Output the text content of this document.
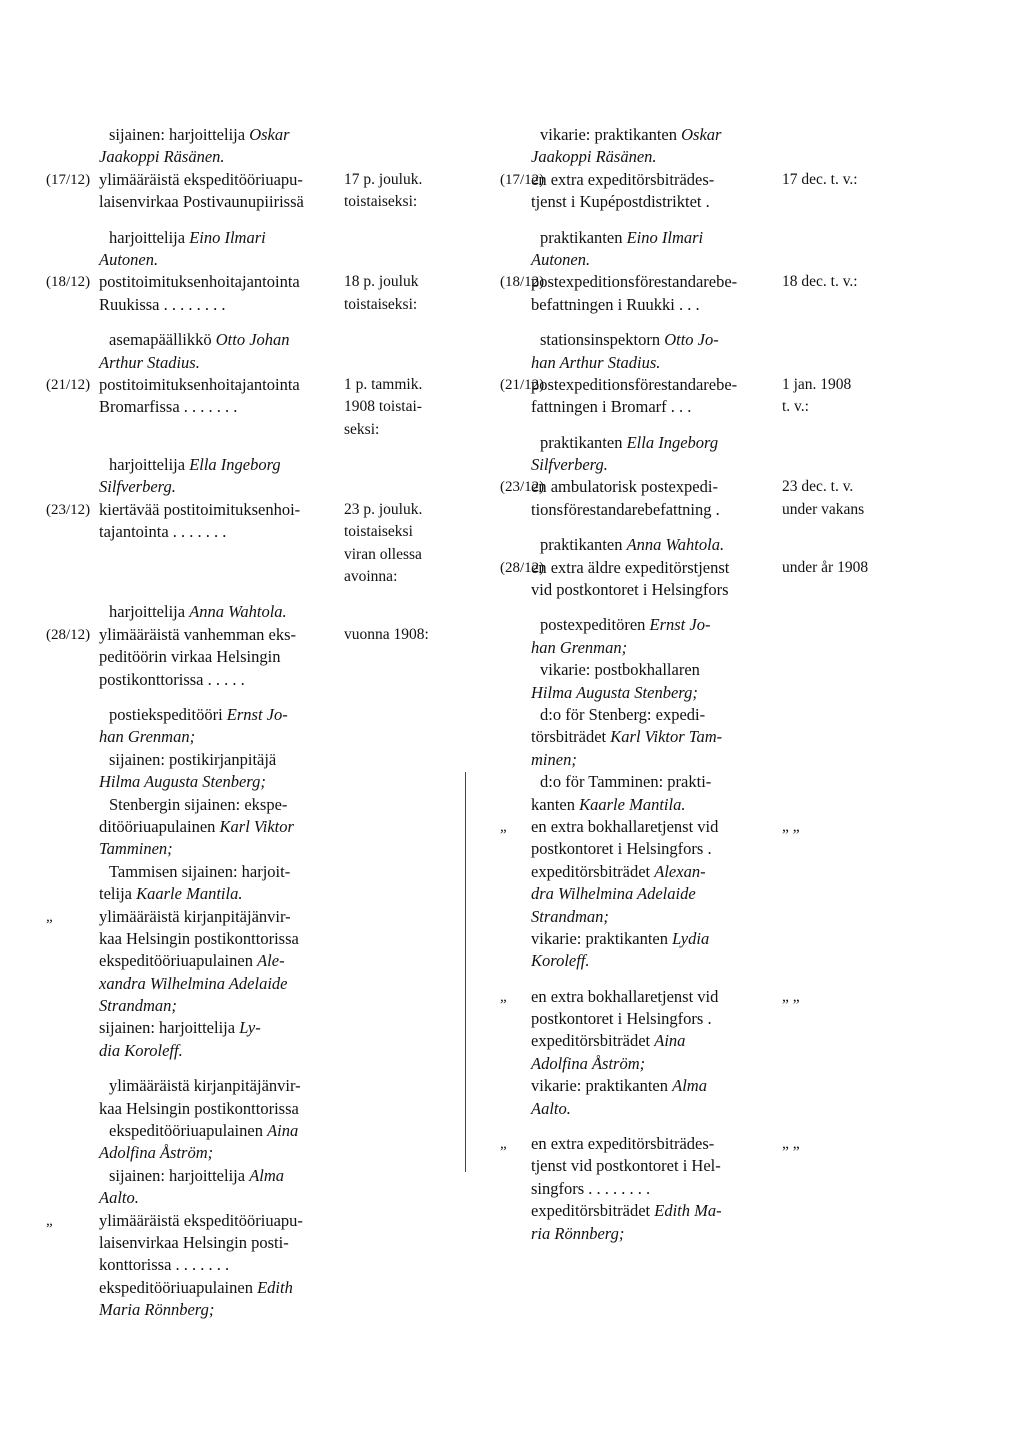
sijainen: harjoittelija Oskar
Jaakoppi Räsänen.
(17/12) ylimääräistä ekspeditööriuapu-	17 p. jouluk.
laisenvirkaa Postivaunupiirissä	toistaiseksi:
harjoittelija Eino Ilmari
Autonen.
(18/12) postitoimituksenhoitajantointa	18 p. jouluk
Ruukissa . . . . . . . .	toistaiseksi:
asemapäällikkö Otto Johan
Arthur Stadius.
(21/12) postitoimituksenhoitajantointa	1 p. tammik.
Bromarfissa . . . . . . .	1908 toistai-
seksi:
harjoittelija Ella Ingeborg
Silfverberg.
(23/12) kiertävää postitoimituksenhoi-	23 p. jouluk.
tajantointa . . . . . . .	toistaiseksi
viran ollessa
avoinna:
harjoittelija Anna Wahtola.
(28/12) ylimääräistä vanhemman eks-	vuonna 1908:
peditöörin virkaa Helsingin
postikonttorissa . . . . .
postiekspeditööri Ernst Jo-
han Grenman;
sijainen: postikirjanpitäjä
Hilma Augusta Stenberg;
Stenbergin sijainen: ekspe-
ditööriuapulainen Karl Viktor
Tamminen;
Tammisen sijainen: harjoit-
telija Kaarle Mantila.
„	ylimääräistä kirjanpitäjänvir-
kaa Helsingin postikonttorissa
ekspeditööriuapulainen Ale-
xandra Wilhelmina Adelaide
Strandman;
sijainen: harjoittelija Ly-
dia Koroleff.
ylimääräistä kirjanpitäjänvir-
kaa Helsingin postikonttorissa
ekspeditööriuapulainen Aina
Adolfina Åström;
sijainen: harjoittelija Alma
Aalto.
„	ylimääräistä ekspeditööriuapu-
laisenvirkaa Helsingin posti-
konttorissa . . . . . . .
ekspeditööriuapulainen Edith
Maria Rönnberg;
vikarie: praktikanten Oskar
Jaakoppi Räsänen.
(17/12)
en extra expeditörsbiträdes-	17 dec. t. v.:
tjenst i Kupépostdistriktet .
praktikanten Eino Ilmari
Autonen.
(18/12)
postexpeditionsförestandarebe-	18 dec. t. v.:
befattningen i Ruukki . . .
stationsinspektorn Otto Jo-
han Arthur Stadius.
(21/12)
postexpeditionsförestandarebe-	1 jan. 1908
fattningen i Bromarf . . .	t. v.:
praktikanten Ella Ingeborg
Silfverberg.
(23/12)
en ambulatorisk postexpedi-	23 dec. t. v.
tionsförestandarebefattning .	under vakans
praktikanten Anna Wahtola.
(28/12)
en extra äldre expeditörstjenst	under år 1908
vid postkontoret i Helsingfors
postexpeditören Ernst Jo-
han Grenman;
vikarie: postbokhallaren
Hilma Augusta Stenberg;
d:o för Stenberg: expedi-
törsbiträdet Karl Viktor Tam-
minen;
d:o för Tamminen: prakti-
kanten Kaarle Mantila.
„ en extra bokhallaretjenst vid	„ „
postkontoret i Helsingfors .
expeditörsbiträdet Alexan-
dra Wilhelmina Adelaide
Strandman;
vikarie: praktikanten Lydia
Koroleff.
„ en extra bokhallaretjenst vid	„ „
postkontoret i Helsingfors .
expeditörsbiträdet Aina
Adolfina Åström;
vikarie: praktikanten Alma
Aalto.
„ en extra expeditörsbiträdes-	„ „
tjenst vid postkontoret i Hel-
singfors . . . . . . . .
expeditörsbiträdet Edith Ma-
ria Rönnberg;
